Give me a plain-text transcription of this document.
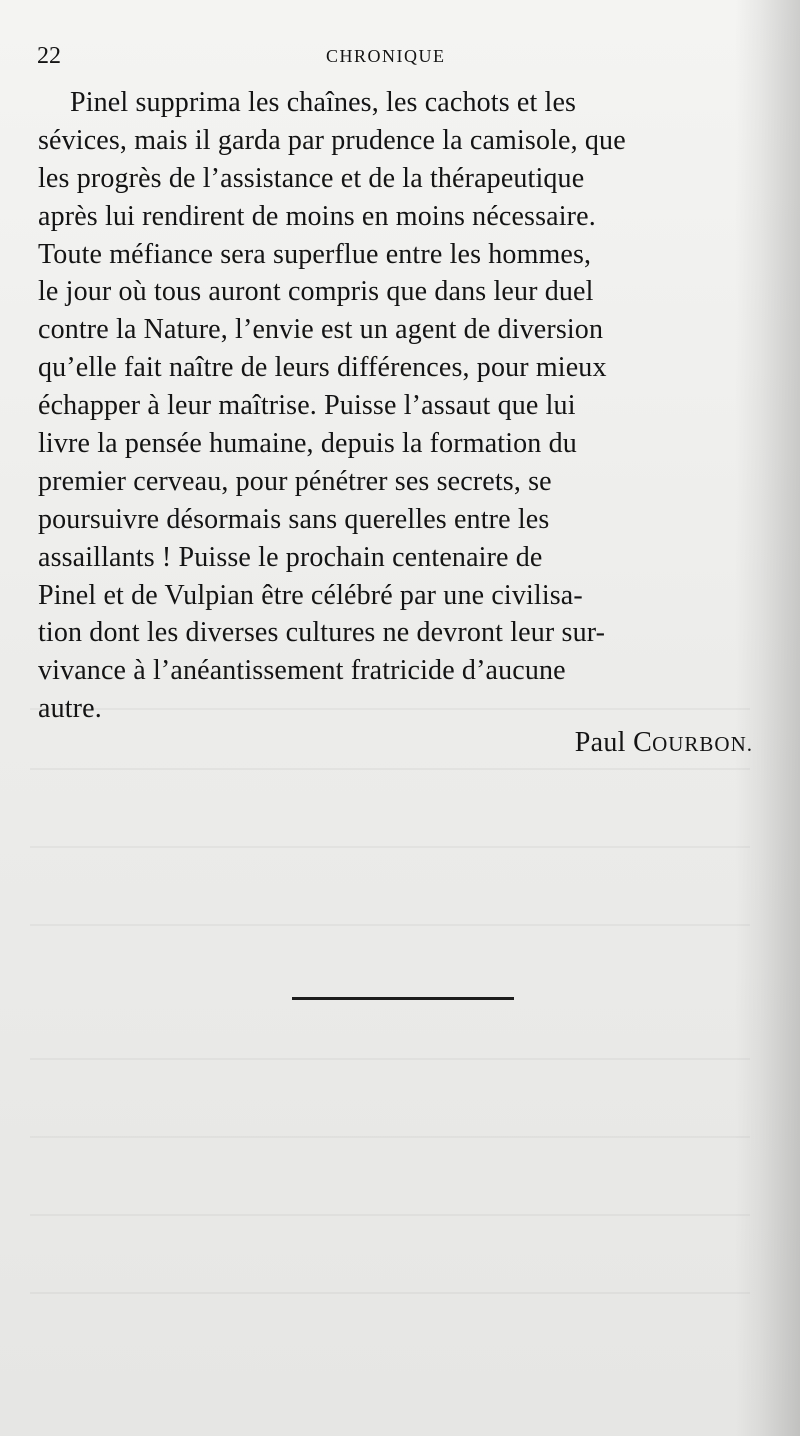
22	CHRONIQUE
Pinel supprima les chaînes, les cachots et les
sévices, mais il garda par prudence la camisole, que
les progrès de l’assistance et de la thérapeutique
après lui rendirent de moins en moins nécessaire.
Toute méfiance sera superflue entre les hommes,
le jour où tous auront compris que dans leur duel
contre la Nature, l’envie est un agent de diversion
qu’elle fait naître de leurs différences, pour mieux
échapper à leur maîtrise. Puisse l’assaut que lui
livre la pensée humaine, depuis la formation du
premier cerveau, pour pénétrer ses secrets, se
poursuivre désormais sans querelles entre les
assaillants ! Puisse le prochain centenaire de
Pinel et de Vulpian être célébré par une civilisa-
tion dont les diverses cultures ne devront leur sur-
vivance à l’anéantissement fratricide d’aucune
autre.
Paul COURBON.
